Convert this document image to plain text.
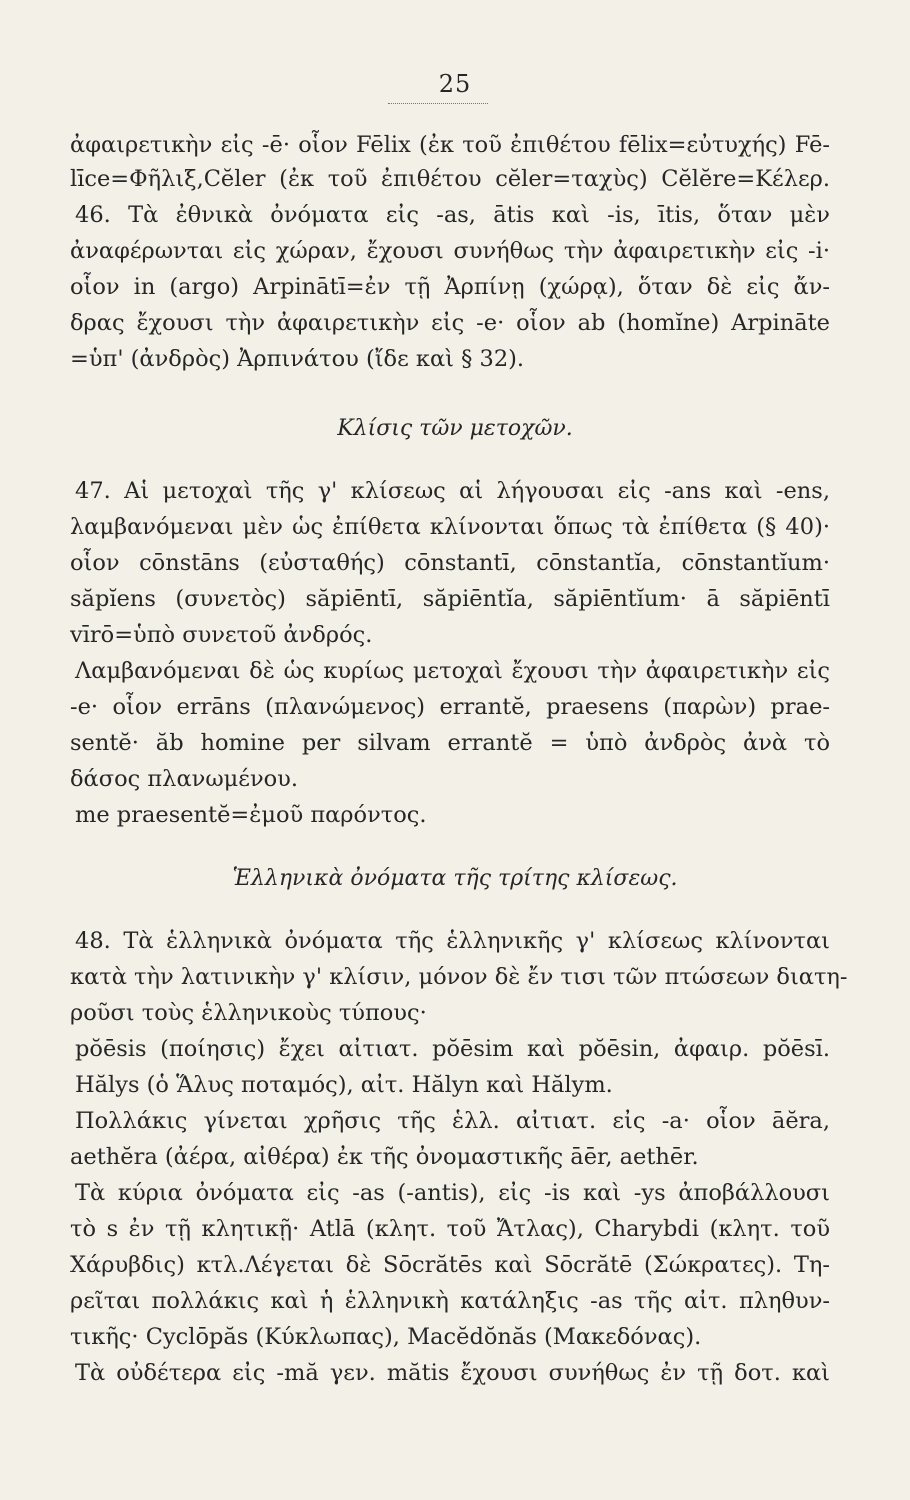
25
ἀφαιρετικὴν εἰς -ē· οἷον Fēlix (ἐκ τοῦ ἐπιθέτου fēlix=εὐτυχής) Fē-
līce=Φῆλιξ,Cĕler (ἐκ τοῦ ἐπιθέτου cĕler=ταχὺς) Cĕlĕre=Κέλερ.
46. Τὰ ἐθνικὰ ὀνόματα εἰς -as, ātis καὶ -is, ītis, ὅταν μὲν
ἀναφέρωνται εἰς χώραν, ἔχουσι συνήθως τὴν ἀφαιρετικὴν εἰς -i·
οἷον in (argo) Arpinātī=ἐν τῇ Ἀρπίνῃ (χώρᾳ), ὅταν δὲ εἰς ἄν-
δρας ἔχουσι τὴν ἀφαιρετικὴν εἰς -e· οἷον ab (homĭne) Arpināte
=ὑπ' (ἀνδρὸς) Ἀρπινάτου (ἴδε καὶ § 32).
Κλίσις τῶν μετοχῶν.
47. Αἱ μετοχαὶ τῆς γ' κλίσεως αἱ λήγουσαι εἰς -ans καὶ -ens,
λαμβανόμεναι μὲν ὡς ἐπίθετα κλίνονται ὅπως τὰ ἐπίθετα (§ 40)·
οἷον cōnstāns (εὐσταθής) cōnstantī, cōnstantĭa, cōnstantĭum·
săpĭens (συνετὸς) săpiēntī, săpiēntĭa, săpiēntĭum· ā săpiēntī
vīrō=ὑπὸ συνετοῦ ἀνδρός.
Λαμβανόμεναι δὲ ὡς κυρίως μετοχαὶ ἔχουσι τὴν ἀφαιρετικὴν εἰς
-e· οἷον errāns (πλανώμενος) errantĕ, praesens (παρὼν) prae-
sentĕ· ăb homine per silvam errantĕ = ὑπὸ ἀνδρὸς ἀνὰ τὸ
δάσος πλανωμένου.
me praesentĕ=ἐμοῦ παρόντος.
Ἑλληνικὰ ὀνόματα τῆς τρίτης κλίσεως.
48. Τὰ ἑλληνικὰ ὀνόματα τῆς ἑλληνικῆς γ' κλίσεως κλίνονται
κατὰ τὴν λατινικὴν γ' κλίσιν, μόνον δὲ ἔν τισι τῶν πτώσεων διατη-
ροῦσι τοὺς ἑλληνικοὺς τύπους·
pŏēsis (ποίησις) ἔχει αἰτιατ. pŏēsim καὶ pŏēsin, ἀφαιρ. pŏēsī.
Hălys (ὁ Ἅλυς ποταμός), αἰτ. Hălyn καὶ Hălym.
Πολλάκις γίνεται χρῆσις τῆς ἑλλ. αἰτιατ. εἰς -a· οἷον āĕra,
aethĕra (ἀέρα, αἰθέρα) ἐκ τῆς ὀνομαστικῆς āēr, aethēr.
Τὰ κύρια ὀνόματα εἰς -as (-antis), εἰς -is καὶ -ys ἀποβάλλουσι
τὸ s ἐν τῇ κλητικῇ· Atlā (κλητ. τοῦ Ἄτλας), Charybdi (κλητ. τοῦ
Χάρυβδις) κτλ.Λέγεται δὲ Sōcrătēs καὶ Sōcrătē (Σώκρατες). Τη-
ρεῖται πολλάκις καὶ ἡ ἑλληνικὴ κατάληξις -as τῆς αἰτ. πληθυν-
τικῆς· Cyclōpăs (Κύκλωπας), Macĕdŏnăs (Μακεδόνας).
Τὰ οὐδέτερα εἰς -mă γεν. mătis ἔχουσι συνήθως ἐν τῇ δοτ. καὶ
